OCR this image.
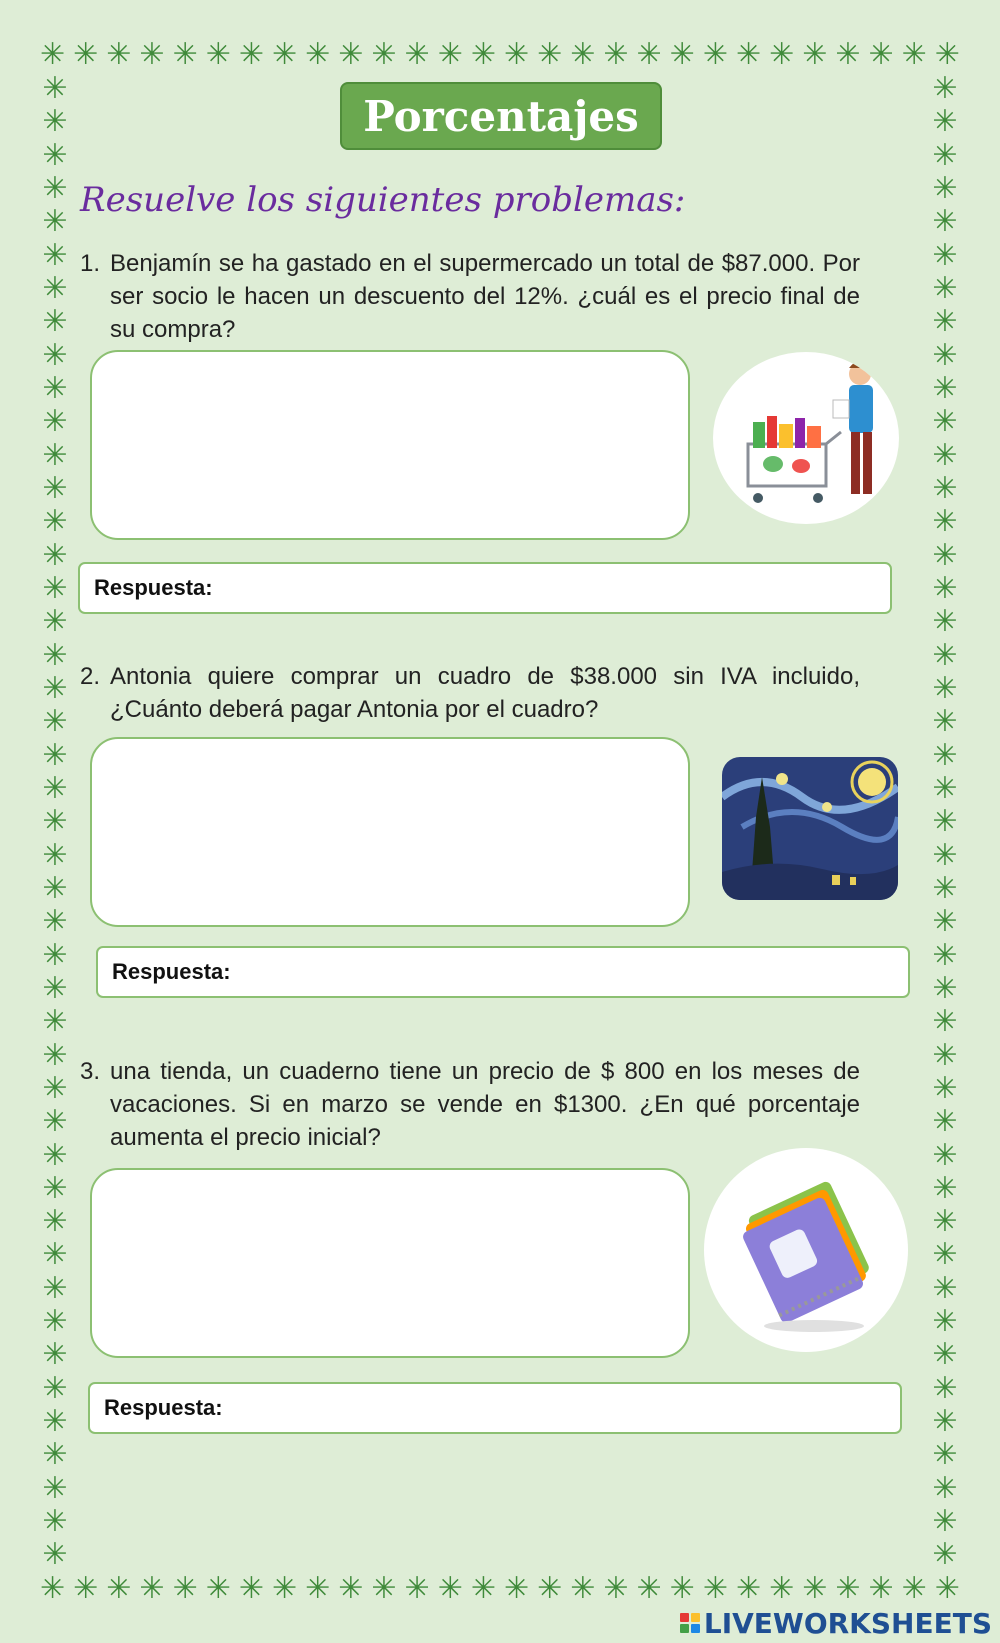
✳ ✳ ✳ ✳ ✳ ✳ ✳ ✳ ✳ ✳ ✳ ✳ ✳ ✳ ✳ ✳ ✳ ✳ ✳ ✳ ✳ ✳ ✳ ✳ ✳ ✳ ✳ ✳
✳ ✳ ✳ ✳ ✳ ✳ ✳ ✳ ✳ ✳ ✳ ✳ ✳ ✳ ✳ ✳ ✳ ✳ ✳ ✳ ✳ ✳ ✳ ✳ ✳ ✳ ✳ ✳
✳
✳
✳
✳
✳
✳
✳
✳
✳
✳
✳
✳
✳
✳
✳
✳
✳
✳
✳
✳
✳
✳
✳
✳
✳
✳
✳
✳
✳
✳
✳
✳
✳
✳
✳
✳
✳
✳
✳
✳
✳
✳
✳
✳
✳
✳
✳
✳
✳
✳
✳
✳
✳
✳
✳
✳
✳
✳
✳
✳
✳
✳
✳
✳
✳
✳
✳
✳
✳
✳
✳
✳
✳
✳
✳
✳
✳
✳
✳
✳
✳
✳
✳
✳
✳
✳
✳
✳
✳
✳
Porcentajes
Resuelve los siguientes problemas:
1. Benjamín se ha gastado en el supermercado un total de $87.000. Por ser socio le hacen un descuento del 12%. ¿cuál es el precio final de su compra?
Respuesta:
2. Antonia quiere comprar un cuadro de $38.000 sin IVA incluido, ¿Cuánto deberá pagar Antonia por el cuadro?
Respuesta:
3. una tienda, un cuaderno tiene un precio de $ 800 en los meses de vacaciones. Si en marzo se vende en $1300. ¿En qué porcentaje aumenta el precio inicial?
Respuesta:
LIVEWORKSHEETS
